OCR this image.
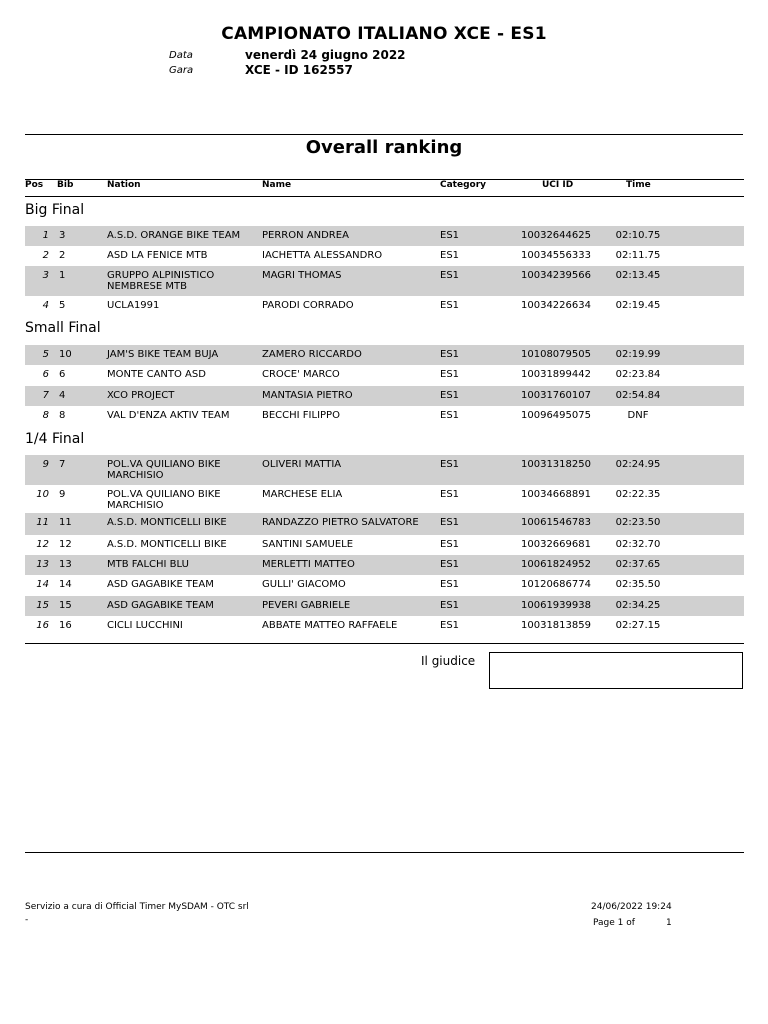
CAMPIONATO ITALIANO XCE - ES1
Data	venerdì 24 giugno 2022
Gara	XCE - ID 162557
Overall ranking
Pos Bib	Nation	Name	Category	UCI ID	Time
Big Final
1 3	A.S.D. ORANGE BIKE TEAM	PERRON ANDREA	ES1	10032644625 02:10.75
2 2	ASD LA FENICE MTB	IACHETTA ALESSANDRO	ES1	10034556333 02:11.75
3 1	GRUPPO ALPINISTICO NEMBRESE MTB
MAGRI THOMAS	ES1	10034239566 02:13.45
4 5	UCLA1991	PARODI CORRADO	ES1	10034226634 02:19.45
Small Final
5 10	JAM'S BIKE TEAM BUJA	ZAMERO RICCARDO	ES1	10108079505 02:19.99
6 6	MONTE CANTO ASD	CROCE' MARCO	ES1	10031899442 02:23.84
7 4	XCO PROJECT	MANTASIA PIETRO	ES1	10031760107 02:54.84
8 8	VAL D'ENZA AKTIV TEAM	BECCHI FILIPPO	ES1	10096495075	DNF
1/4 Final
9 7	POL.VA QUILIANO BIKE MARCHISIO
OLIVERI MATTIA	ES1	10031318250 02:24.95
10 9	POL.VA QUILIANO BIKE MARCHISIO
MARCHESE ELIA	ES1	10034668891 02:22.35
11 11	A.S.D. MONTICELLI BIKE	RANDAZZO PIETRO SALVATORE ES1	10061546783 02:23.50
12 12	A.S.D. MONTICELLI BIKE	SANTINI SAMUELE	ES1	10032669681 02:32.70
13 13	MTB FALCHI BLU	MERLETTI MATTEO	ES1	10061824952 02:37.65
14 14	ASD GAGABIKE TEAM	GULLI' GIACOMO	ES1	10120686774 02:35.50
15 15	ASD GAGABIKE TEAM	PEVERI GABRIELE	ES1	10061939938 02:34.25
16 16	CICLI LUCCHINI	ABBATE MATTEO RAFFAELE	ES1	10031813859 02:27.15
Il giudice
Servizio a cura di Official Timer MySDAM - OTC srl
-
24/06/2022 19:24
Page 1 of	1
